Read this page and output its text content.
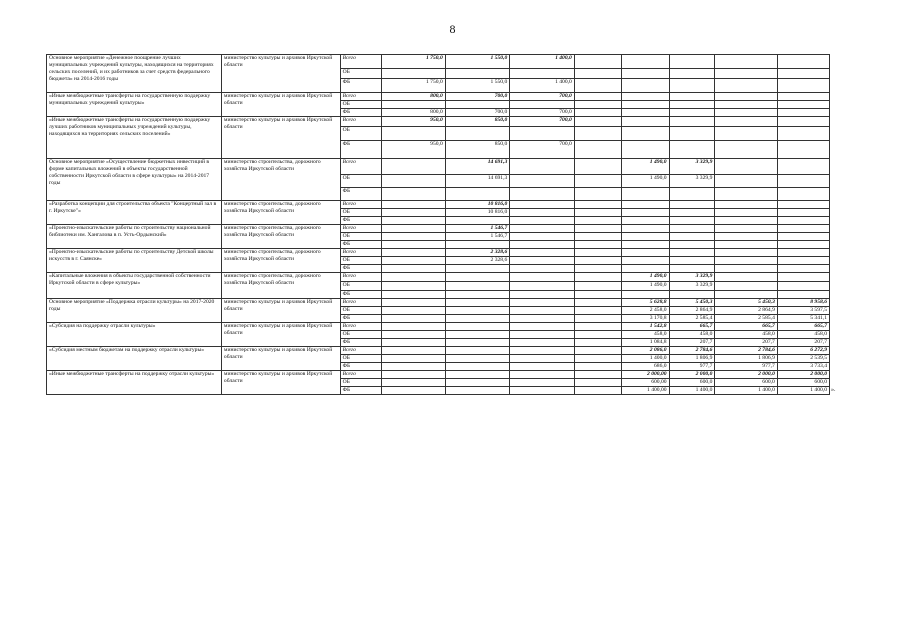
8
Основное мероприятие «Денежное поощрение лучших муниципальных учреждений культуры, находящихся на территориях сельских поселений, и их работников за счет средств федерального бюджета» на 2014-2016 годы	министерство культуры и архивов Иркутской области	Всего	1 750,0	1 550,0	1 400,0					
		ОБ								
		ФБ	1 750,0	1 550,0	1 400,0					
«Иные межбюджетные трансферты на государственную поддержку муниципальных учреждений культуры»	министерство культуры и архивов Иркутской области	Всего	800,0	700,0	700,0					
		ОБ								
		ФБ	800,0	700,0	700,0					
«Иные межбюджетные трансферты на государственную поддержку лучших работников муниципальных учреждений культуры, находящихся на территориях сельских поселений»	министерство культуры и архивов Иркутской области	Всего	950,0	850,0	700,0					
		ОБ								
		ФБ	950,0	850,0	700,0					
Основное мероприятие «Осуществление бюджетных инвестиций в форме капитальных вложений в объекты государственной собственности Иркутской области в сфере культуры» на 2014-2017 годы	министерство строительства, дорожного хозяйства Иркутской области	Всего		14 691,3			1 490,0	3 329,9		
		ОБ		14 691,3			1 490,0	3 329,9		
		ФБ								
«Разработка концепции для строительства объекта "Концертный зал в г. Иркутске"»	министерство строительства, дорожного хозяйства Иркутской области	Всего		10 816,0						
		ОБ		10 816,0						
		ФБ								
«Проектно-изыскательские работы по строительству национальной библиотеки им. Хангалова в п. Усть-Ордынский»	министерство строительства, дорожного хозяйства Иркутской области	Всего		1 546,7						
		ОБ		1 546,7						
		ФБ								
«Проектно-изыскательские работы по строительству Детской школы искусств в г. Саянске»	министерство строительства, дорожного хозяйства Иркутской области	Всего		2 328,6						
		ОБ		2 328,6						
		ФБ								
«Капитальные вложения в объекты государственной собственности Иркутской области в сфере культуры»	министерство строительства, дорожного хозяйства Иркутской области	Всего					1 490,0	3 329,9		
		ОБ					1 490,0	3 329,9		
		ФБ								
Основное мероприятие «Поддержка отрасли культуры» на 2017-2020 годы	министерство культуры и архивов Иркутской области	Всего					5 628,8	5 450,3	5 450,3	8 958,6
		ОБ					2 458,0	2 864,9	2 864,9	3 597,5
		ФБ					3 170,8	2 585,4	2 585,4	5 341,1
«Субсидия на поддержку отрасли культуры»	министерство культуры и архивов Иркутской области	Всего					1 542,8	665,7	665,7	665,7
		ОБ					458,0	458,0	458,0	458,0
		ФБ					1 084,8	207,7	207,7	207,7
«Субсидия местным бюджетам на поддержку отрасли культуры»	министерство культуры и архивов Иркутской области	Всего					2 086,0	2 784,6	2 784,6	6 272,9
		ОБ					1 400,0	1 806,9	1 806,9	2 539,5
		ФБ					686,0	977,7	977,7	3 733,4
«Иные межбюджетные трансферты на поддержку отрасли культуры»	министерство культуры и архивов Иркутской области	Всего					2 000,00	2 000,0	2 000,0	2 000,0
		ОБ					600,00	600,0	600,0	600,0
		ФБ					1 400,00	1 400,0	1 400,0	1 400,0 ».
